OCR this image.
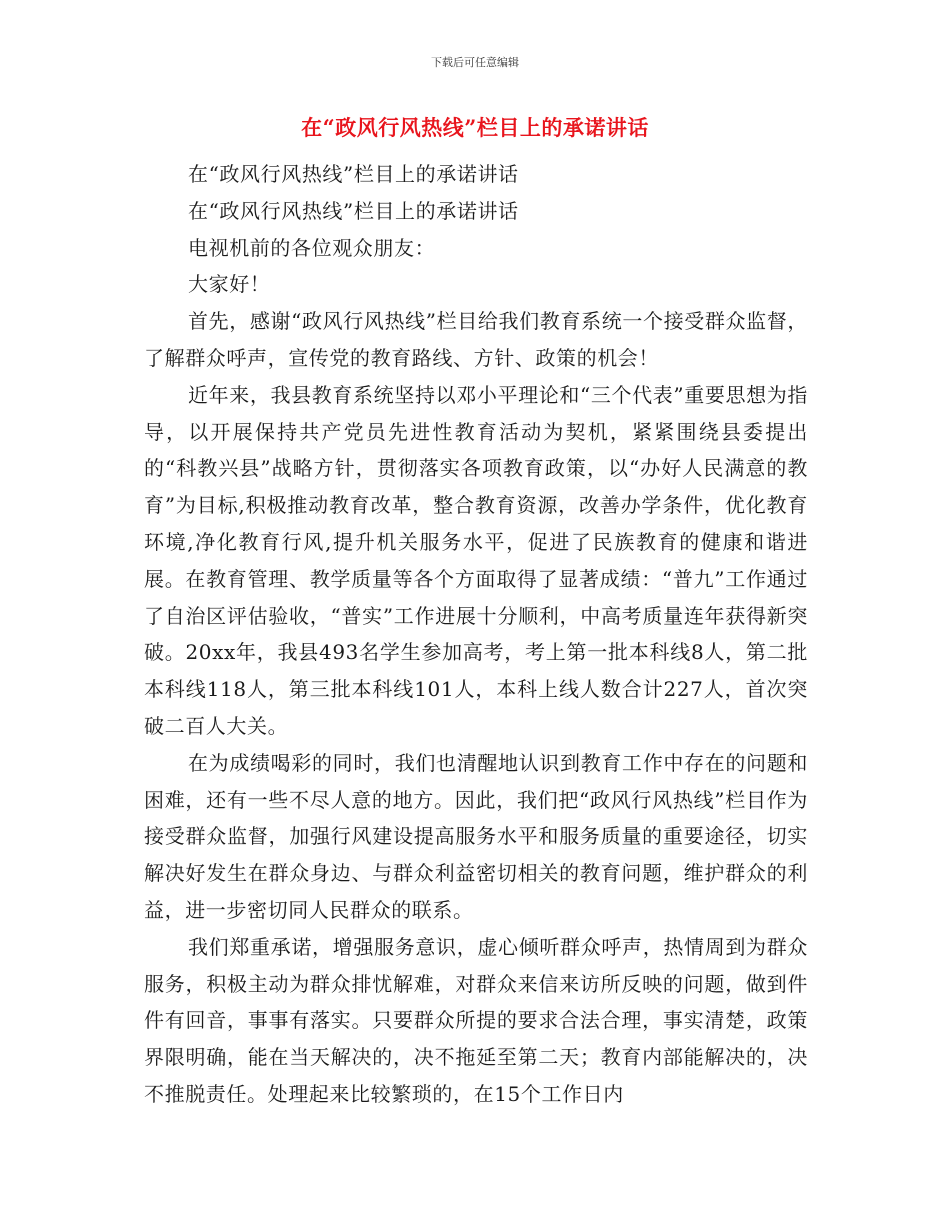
下载后可任意编辑
在“政风行风热线”栏目上的承诺讲话

在“政风行风热线”栏目上的承诺讲话

在“政风行风热线”栏目上的承诺讲话

电视机前的各位观众朋友：

大家好！

首先，感谢“政风行风热线”栏目给我们教育系统一个接受群众监督，了解群众呼声，宣传党的教育路线、方针、政策的机会！

近年来，我县教育系统坚持以邓小平理论和“三个代表”重要思想为指导，以开展保持共产党员先进性教育活动为契机，紧紧围绕县委提出的“科教兴县”战略方针，贯彻落实各项教育政策，以“办好人民满意的教育”为目标,积极推动教育改革，整合教育资源，改善办学条件，优化教育环境,净化教育行风,提升机关服务水平，促进了民族教育的健康和谐进展。在教育管理、教学质量等各个方面取得了显著成绩：“普九”工作通过了自治区评估验收，“普实”工作进展十分顺利，中高考质量连年获得新突破。20xx年，我县493名学生参加高考，考上第一批本科线8人，第二批本科线118人，第三批本科线101人，本科上线人数合计227人，首次突破二百人大关。

在为成绩喝彩的同时，我们也清醒地认识到教育工作中存在的问题和困难，还有一些不尽人意的地方。因此，我们把“政风行风热线”栏目作为接受群众监督，加强行风建设提高服务水平和服务质量的重要途径，切实解决好发生在群众身边、与群众利益密切相关的教育问题，维护群众的利益，进一步密切同人民群众的联系。

我们郑重承诺，增强服务意识，虚心倾听群众呼声，热情周到为群众服务，积极主动为群众排忧解难，对群众来信来访所反映的问题，做到件件有回音，事事有落实。只要群众所提的要求合法合理，事实清楚，政策界限明确，能在当天解决的，决不拖延至第二天；教育内部能解决的，决不推脱责任。处理起来比较繁琐的，在15个工作日内
